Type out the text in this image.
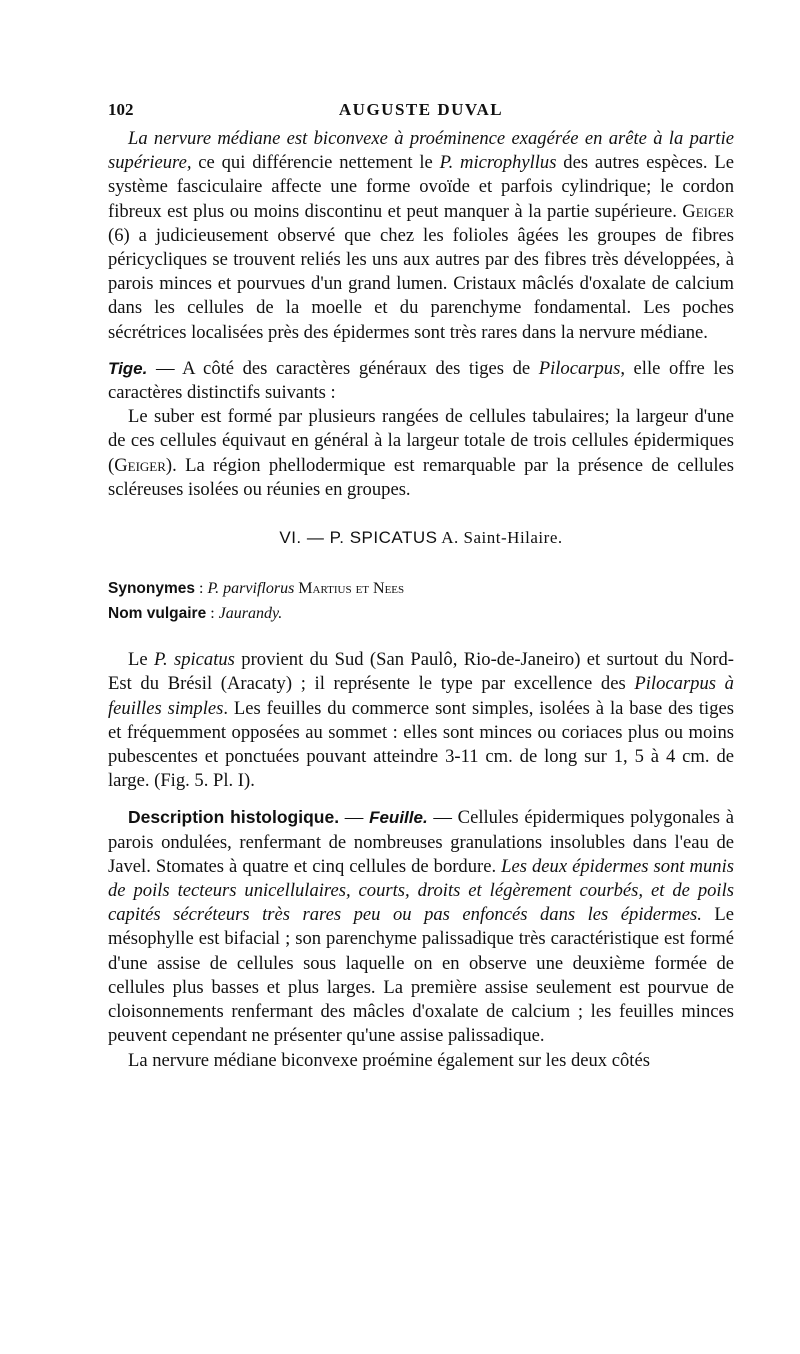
102	AUGUSTE DUVAL

La nervure médiane est biconvexe à proéminence exagérée en arête à la partie supérieure, ce qui différencie nettement le P. microphyllus des autres espèces. Le système fasciculaire affecte une forme ovoïde et parfois cylindrique; le cordon fibreux est plus ou moins discontinu et peut manquer à la partie supérieure. Geiger (6) a judicieusement observé que chez les folioles âgées les groupes de fibres péricycliques se trouvent reliés les uns aux autres par des fibres très développées, à parois minces et pourvues d'un grand lumen. Cristaux mâclés d'oxalate de calcium dans les cellules de la moelle et du parenchyme fondamental. Les poches sécrétrices localisées près des épidermes sont très rares dans la nervure médiane.

Tige. — A côté des caractères généraux des tiges de Pilocarpus, elle offre les caractères distinctifs suivants :

Le suber est formé par plusieurs rangées de cellules tabulaires; la largeur d'une de ces cellules équivaut en général à la largeur totale de trois cellules épidermiques (Geiger). La région phellodermique est remarquable par la présence de cellules scléreuses isolées ou réunies en groupes.

VI. — P. SPICATUS A. Saint-Hilaire.

Synonymes : P. parviflorus Martius et Nees

Nom vulgaire : Jaurandy.

Le P. spicatus provient du Sud (San Paulô, Rio-de-Janeiro) et surtout du Nord-Est du Brésil (Aracaty) ; il représente le type par excellence des Pilocarpus à feuilles simples. Les feuilles du commerce sont simples, isolées à la base des tiges et fréquemment opposées au sommet : elles sont minces ou coriaces plus ou moins pubescentes et ponctuées pouvant atteindre 3-11 cm. de long sur 1, 5 à 4 cm. de large. (Fig. 5. Pl. I).

Description histologique. — Feuille. — Cellules épidermiques polygonales à parois ondulées, renfermant de nombreuses granulations insolubles dans l'eau de Javel. Stomates à quatre et cinq cellules de bordure. Les deux épidermes sont munis de poils tecteurs unicellulaires, courts, droits et légèrement courbés, et de poils capités sécréteurs très rares peu ou pas enfoncés dans les épidermes. Le mésophylle est bifacial ; son parenchyme palissadique très caractéristique est formé d'une assise de cellules sous laquelle on en observe une deuxième formée de cellules plus basses et plus larges. La première assise seulement est pourvue de cloisonnements renfermant des mâcles d'oxalate de calcium ; les feuilles minces peuvent cependant ne présenter qu'une assise palissadique.

La nervure médiane biconvexe proémine également sur les deux côtés
